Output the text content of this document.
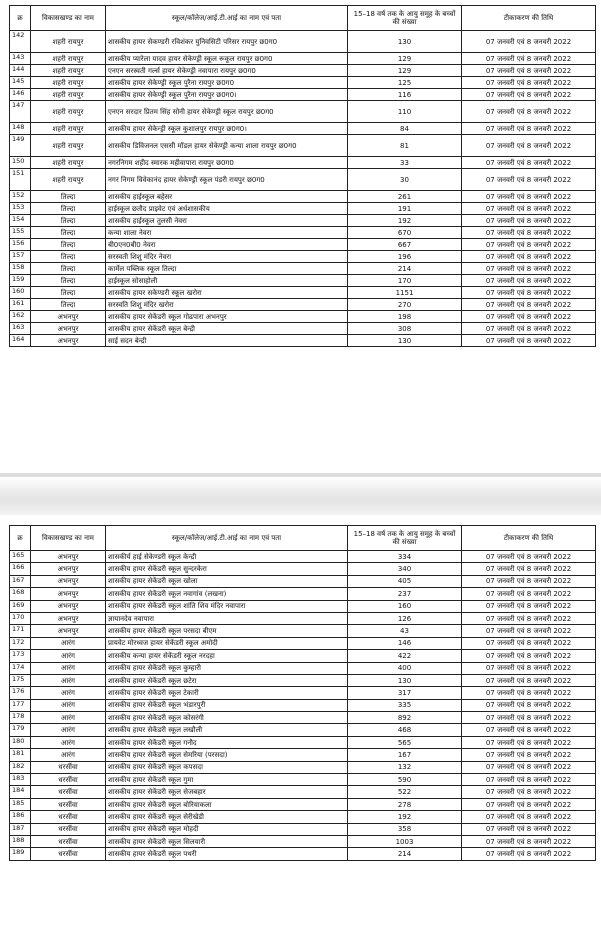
क्र	विकासखण्ड का नाम	स्कूल/कॉलेज/आई.टी.आई का नाम एवं पता	15–18 वर्ष तक के आयु समूह के बच्चों की संख्या	टीकाकरण की तिथि
142	शहरी रायपुर	शासकीय हायर सेकण्डरी रविशंकर युनिवसिटी परिसर रायपुर छ0ग0	130	07 जनवरी एवं 8 जनवरी 2022
143	शहरी रायपुर	शासकीय प्यारेला यादव हायर सेकेण्ड्री स्कूल रूकूल रायपुर छ0ग0	129	07 जनवरी एवं 8 जनवरी 2022
144	शहरी रायपुर	एनएन सरस्वती गर्ल्स हायर सेकेण्ड्री नवापारा रायपुर छ0ग0	129	07 जनवरी एवं 8 जनवरी 2022
145	शहरी रायपुर	शासकीय हायर सेकेण्ड्री स्कूल पुरैना रायपुर छ0ग0	125	07 जनवरी एवं 8 जनवरी 2022
146	शहरी रायपुर	शासकीय हायर सेकेण्ड्री स्कूल पुरैना रायपुर छ0ग0।	116	07 जनवरी एवं 8 जनवरी 2022
147	शहरी रायपुर	एनएन सरदार प्रितम सिंह सोनी हायर सेकेण्ड्री स्कूल रायपुर छ0ग0	110	07 जनवरी एवं 8 जनवरी 2022
148	शहरी रायपुर	शासकीय हायर सेकेन्ड्री स्कूल कुशालपुर रायपुर छ0ग0।	84	07 जनवरी एवं 8 जनवरी 2022
149	शहरी रायपुर	शासकीय डिविजनल एससी मॉडल हायर सेकेण्ड्री कन्या शाला रायपुर छ0ग0	81	07 जनवरी एवं 8 जनवरी 2022
150	शहरी रायपुर	नगरनिगम शहीद स्मारक महीवापारा रायपुर छ0ग0	33	07 जनवरी एवं 8 जनवरी 2022
151	शहरी रायपुर	नगर निगम विवेकानंद हायर सेकेण्ड्री स्कूल पंडरी रायपुर छ0ग0	30	07 जनवरी एवं 8 जनवरी 2022
152	तिल्दा	शासकीय हाईस्कूल बहेसर	261	07 जनवरी एवं 8 जनवरी 2022
153	तिल्दा	हाईस्कूल छतौद प्राइवेट एवं अर्धशासकीय	191	07 जनवरी एवं 8 जनवरी 2022
154	तिल्दा	शासकीय हाईस्कूल तुलसी नेवरा	192	07 जनवरी एवं 8 जनवरी 2022
155	तिल्दा	कन्या शाला नेवरा	670	07 जनवरी एवं 8 जनवरी 2022
156	तिल्दा	बी0एन0बी0 नेवरा	667	07 जनवरी एवं 8 जनवरी 2022
157	तिल्दा	सरस्वती शिशु मंदिर नेवरा	196	07 जनवरी एवं 8 जनवरी 2022
158	तिल्दा	कार्मेल पब्लिक स्कूल तिल्दा	214	07 जनवरी एवं 8 जनवरी 2022
159	तिल्दा	हाईस्कूल सोसाहोली	170	07 जनवरी एवं 8 जनवरी 2022
160	तिल्दा	शासकीय हायर सकेण्डरी स्कूल खरोरा	1151	07 जनवरी एवं 8 जनवरी 2022
161	तिल्दा	सरस्वति शिशु मंदिर खरोरा	270	07 जनवरी एवं 8 जनवरी 2022
162	अभनपुर	शासकीय हायर सेकेंडरी स्कूल गोढपारा अभनपुर	198	07 जनवरी एवं 8 जनवरी 2022
163	अभनपुर	शासकीय हायर सेकेंडरी स्कूल बेन्द्री	308	07 जनवरी एवं 8 जनवरी 2022
164	अभनपुर	साई सदन बेन्द्री	130	07 जनवरी एवं 8 जनवरी 2022
क्र	विकासखण्ड का नाम	स्कूल/कॉलेज/आई.टी.आई का नाम एवं पता	15–18 वर्ष तक के आयु समूह के बच्चों की संख्या	टीकाकरण की तिथि
165	अभनपुर	शासकीर्य हाई सेकेण्डरी स्कूल केन्द्री	334	07 जनवरी एवं 8 जनवरी 2022
166	अभनपुर	शासकीय हायर सेकेंडरी स्कूल सुन्दरकेरा	340	07 जनवरी एवं 8 जनवरी 2022
167	अभनपुर	शासकीय हायर सेकेंडरी स्कूल खोला	405	07 जनवरी एवं 8 जनवरी 2022
168	अभनपुर	शासकीय हायर सेकेंडरी स्कूल नवागांव (लखना)	237	07 जनवरी एवं 8 जनवरी 2022
169	अभनपुर	शासकीय हायर सेकेंडरी स्कूल शांति शिव मंदिर नवापारा	160	07 जनवरी एवं 8 जनवरी 2022
170	अभनपुर	ज्ञायानदेव नवापारा	126	07 जनवरी एवं 8 जनवरी 2022
171	अभनपुर	शासकीय हायर सेकेंडरी स्कूल परसदा बीएम	43	07 जनवरी एवं 8 जनवरी 2022
172	आरंग	प्रायवेट मोरध्वज हायर सेकेंडरी स्कूल अमोदी	146	07 जनवरी एवं 8 जनवरी 2022
173	आरंग	शासकीय कन्या हायर सेकेंडरी स्कूल नरदहा	422	07 जनवरी एवं 8 जनवरी 2022
174	आरंग	शासकीय हायर सेकेंडरी स्कूल कुम्हारी	400	07 जनवरी एवं 8 जनवरी 2022
175	आरंग	शासकीय हायर सेकेंडरी स्कूल छटेरा	130	07 जनवरी एवं 8 जनवरी 2022
176	आरंग	शासकीय हायर सेकेंडरी स्कूल टेकारी	317	07 जनवरी एवं 8 जनवरी 2022
177	आरंग	शासकीय हायर सेकेंडरी स्कूल भंडारपुरी	335	07 जनवरी एवं 8 जनवरी 2022
178	आरंग	शासकीय हायर सेकेंडरी स्कूल कोसरंगी	892	07 जनवरी एवं 8 जनवरी 2022
179	आरंग	शासकीय हायर सेकेंडरी स्कूल लखौली	468	07 जनवरी एवं 8 जनवरी 2022
180	आरंग	शासकीय हायर सेकेंडरी स्कूल गनौद	565	07 जनवरी एवं 8 जनवरी 2022
181	आरंग	शासकीय हायर सेकेंडरी स्कूल सेमरिया (परसदा)	167	07 जनवरी एवं 8 जनवरी 2022
182	धरसींवा	शासकीय हायर सेकेंडरी स्कूल कपसदा	132	07 जनवरी एवं 8 जनवरी 2022
183	धरसींवा	शासकीय हायर सेकेंडरी स्कूल गुमा	590	07 जनवरी एवं 8 जनवरी 2022
184	धरसींवा	शासकीय हायर सेकेंडरी स्कूल सेजबहार	522	07 जनवरी एवं 8 जनवरी 2022
185	धरसींवा	शासकीय हायर सेकेंडरी स्कूल बोरियाकला	278	07 जनवरी एवं 8 जनवरी 2022
186	धरसींवा	शासकीय हायर सेकेंडरी स्कूल सेरीखेडी	192	07 जनवरी एवं 8 जनवरी 2022
187	धरसींवा	शासकीय हायर सेकेंडरी स्कूल मोहदी	358	07 जनवरी एवं 8 जनवरी 2022
188	धरसींवा	शासकीय हायर सेकेंडरी स्कूल सिलयारी	1003	07 जनवरी एवं 8 जनवरी 2022
189	धरसींवा	शासकीय हायर सेकेंडरी स्कूल पथरी	214	07 जनवरी एवं 8 जनवरी 2022
